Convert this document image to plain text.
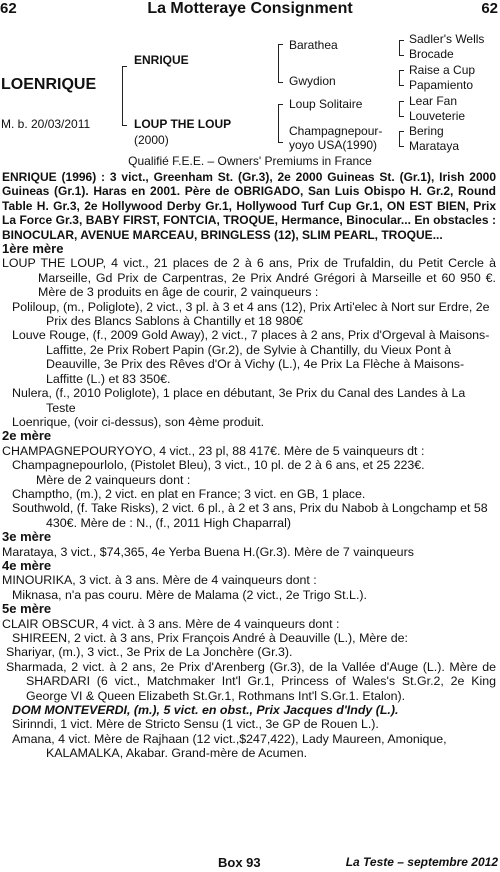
62	La Motteraye Consignment	62
LOENRIQUE
M. b. 20/03/2011
ENRIQUE
LOUP THE LOUP
(2000)
Barathea
Gwydion
Loup Solitaire
Champagnepour-
yoyo USA(1990)
Sadler's Wells
Brocade
Raise a Cup
Papamiento
Lear Fan
Louveterie
Bering
Marataya
Qualifié F.E.E. – Owners' Premiums in France

ENRIQUE (1996) : 3 vict., Greenham St. (Gr.3), 2e 2000 Guineas St. (Gr.1), Irish 2000 Guineas (Gr.1). Haras en 2001. Père de OBRIGADO, San Luis Obispo H. Gr.2, Round Table H. Gr.3, 2e Hollywood Derby Gr.1, Hollywood Turf Cup Gr.1, ON EST BIEN, Prix La Force Gr.3, BABY FIRST, FONTCIA, TROQUE, Hermance, Binocular... En obstacles : BINOCULAR, AVENUE MARCEAU, BRINGLESS (12), SLIM PEARL, TROQUE...

1ère mère

LOUP THE LOUP, 4 vict., 21 places de 2 à 6 ans, Prix de Trufaldin, du Petit Cercle à Marseille, Gd Prix de Carpentras, 2e Prix André Grégori à Marseille et 60 950 €. Mère de 3 produits en âge de courir, 2 vainqueurs :

Poliloup, (m., Poliglote), 2 vict., 3 pl. à 3 et 4 ans (12), Prix Arti'elec à Nort sur Erdre, 2e Prix des Blancs Sablons à Chantilly et 18 980€

Louve Rouge, (f., 2009 Gold Away), 2 vict., 7 places à 2 ans, Prix d'Orgeval à Maisons-Laffitte, 2e Prix Robert Papin (Gr.2), de Sylvie à Chantilly, du Vieux Pont à Deauville, 3e Prix des Rêves d'Or à Vichy (L.), 4e Prix La Flèche à Maisons-Laffitte (L.) et 83 350€.

Nulera, (f., 2010 Poliglote), 1 place en débutant, 3e Prix du Canal des Landes à La Teste

Loenrique, (voir ci-dessus), son 4ème produit.

2e mère

CHAMPAGNEPOURYOYO, 4 vict., 23 pl, 88 417€. Mère de 5 vainqueurs dt :

Champagnepourlolo, (Pistolet Bleu), 3 vict., 10 pl. de 2 à 6 ans, et 25 223€.

Mère de 2 vainqueurs dont :

Champtho, (m.), 2 vict. en plat en France; 3 vict. en GB, 1 place.

Southwold, (f. Take Risks), 2 vict. 6 pl., à 2 et 3 ans, Prix du Nabob à Longchamp et 58 430€. Mère de : N., (f., 2011 High Chaparral)

3e mère

Marataya, 3 vict., $74,365, 4e Yerba Buena H.(Gr.3). Mère de 7 vainqueurs

4e mère

MINOURIKA, 3 vict. à 3 ans. Mère de 4 vainqueurs dont :

Miknasa, n'a pas couru. Mère de Malama (2 vict., 2e Trigo St.L.).

5e mère

CLAIR OBSCUR, 4 vict. à 3 ans. Mère de 4 vainqueurs dont :

SHIREEN, 2 vict. à 3 ans, Prix François André à Deauville (L.), Mère de:

Shariyar, (m.), 3 vict., 3e Prix de La Jonchère (Gr.3).

Sharmada, 2 vict. à 2 ans, 2e Prix d'Arenberg (Gr.3), de la Vallée d'Auge (L.). Mère de SHARDARI (6 vict., Matchmaker Int'l Gr.1, Princess of Wales's St.Gr.2, 2e King George VI & Queen Elizabeth St.Gr.1, Rothmans Int'l S.Gr.1. Etalon).

DOM MONTEVERDI, (m.), 5 vict. en obst., Prix Jacques d'Indy (L.).

Sirinndi, 1 vict. Mère de Stricto Sensu (1 vict., 3e GP de Rouen L.).

Amana, 4 vict. Mère de Rajhaan (12 vict.,$247,422), Lady Maureen, Amonique, KALAMALKA, Akabar. Grand-mère de Acumen.

Box 93	La Teste – septembre 2012
